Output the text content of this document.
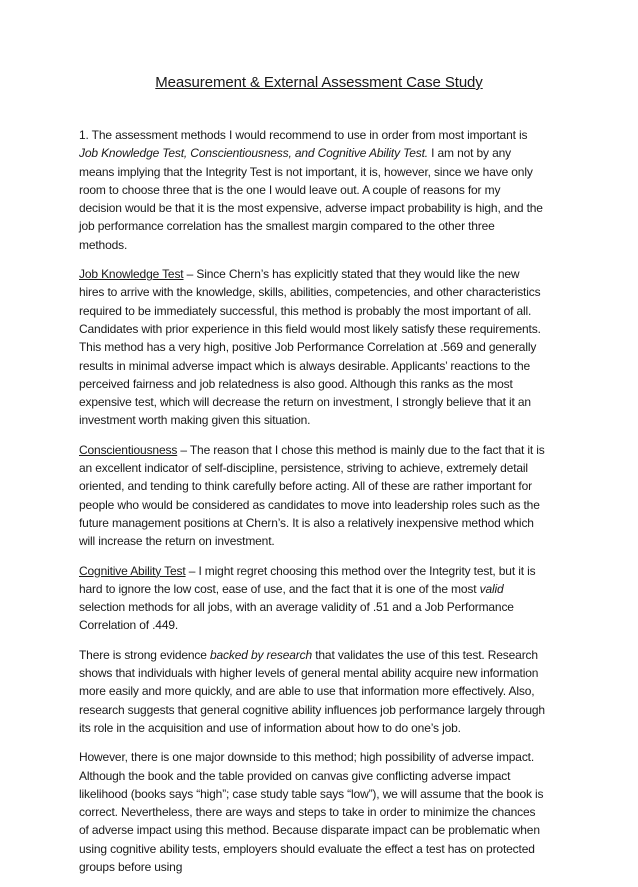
Measurement & External Assessment Case Study

1. The assessment methods I would recommend to use in order from most important is Job Knowledge Test, Conscientiousness, and Cognitive Ability Test. I am not by any means implying that the Integrity Test is not important, it is, however, since we have only room to choose three that is the one I would leave out. A couple of reasons for my decision would be that it is the most expensive, adverse impact probability is high, and the job performance correlation has the smallest margin compared to the other three methods.

Job Knowledge Test – Since Chern’s has explicitly stated that they would like the new hires to arrive with the knowledge, skills, abilities, competencies, and other characteristics required to be immediately successful, this method is probably the most important of all. Candidates with prior experience in this field would most likely satisfy these requirements. This method has a very high, positive Job Performance Correlation at .569 and generally results in minimal adverse impact which is always desirable. Applicants’ reactions to the perceived fairness and job relatedness is also good. Although this ranks as the most expensive test, which will decrease the return on investment, I strongly believe that it an investment worth making given this situation.

Conscientiousness – The reason that I chose this method is mainly due to the fact that it is an excellent indicator of self-discipline, persistence, striving to achieve, extremely detail oriented, and tending to think carefully before acting. All of these are rather important for people who would be considered as candidates to move into leadership roles such as the future management positions at Chern’s. It is also a relatively inexpensive method which will increase the return on investment.

Cognitive Ability Test – I might regret choosing this method over the Integrity test, but it is hard to ignore the low cost, ease of use, and the fact that it is one of the most valid selection methods for all jobs, with an average validity of .51 and a Job Performance Correlation of .449.

There is strong evidence backed by research that validates the use of this test. Research shows that individuals with higher levels of general mental ability acquire new information more easily and more quickly, and are able to use that information more effectively. Also, research suggests that general cognitive ability influences job performance largely through its role in the acquisition and use of information about how to do one’s job.

However, there is one major downside to this method; high possibility of adverse impact. Although the book and the table provided on canvas give conflicting adverse impact likelihood (books says “high”; case study table says “low”), we will assume that the book is correct. Nevertheless, there are ways and steps to take in order to minimize the chances of adverse impact using this method. Because disparate impact can be problematic when using cognitive ability tests, employers should evaluate the effect a test has on protected groups before using
